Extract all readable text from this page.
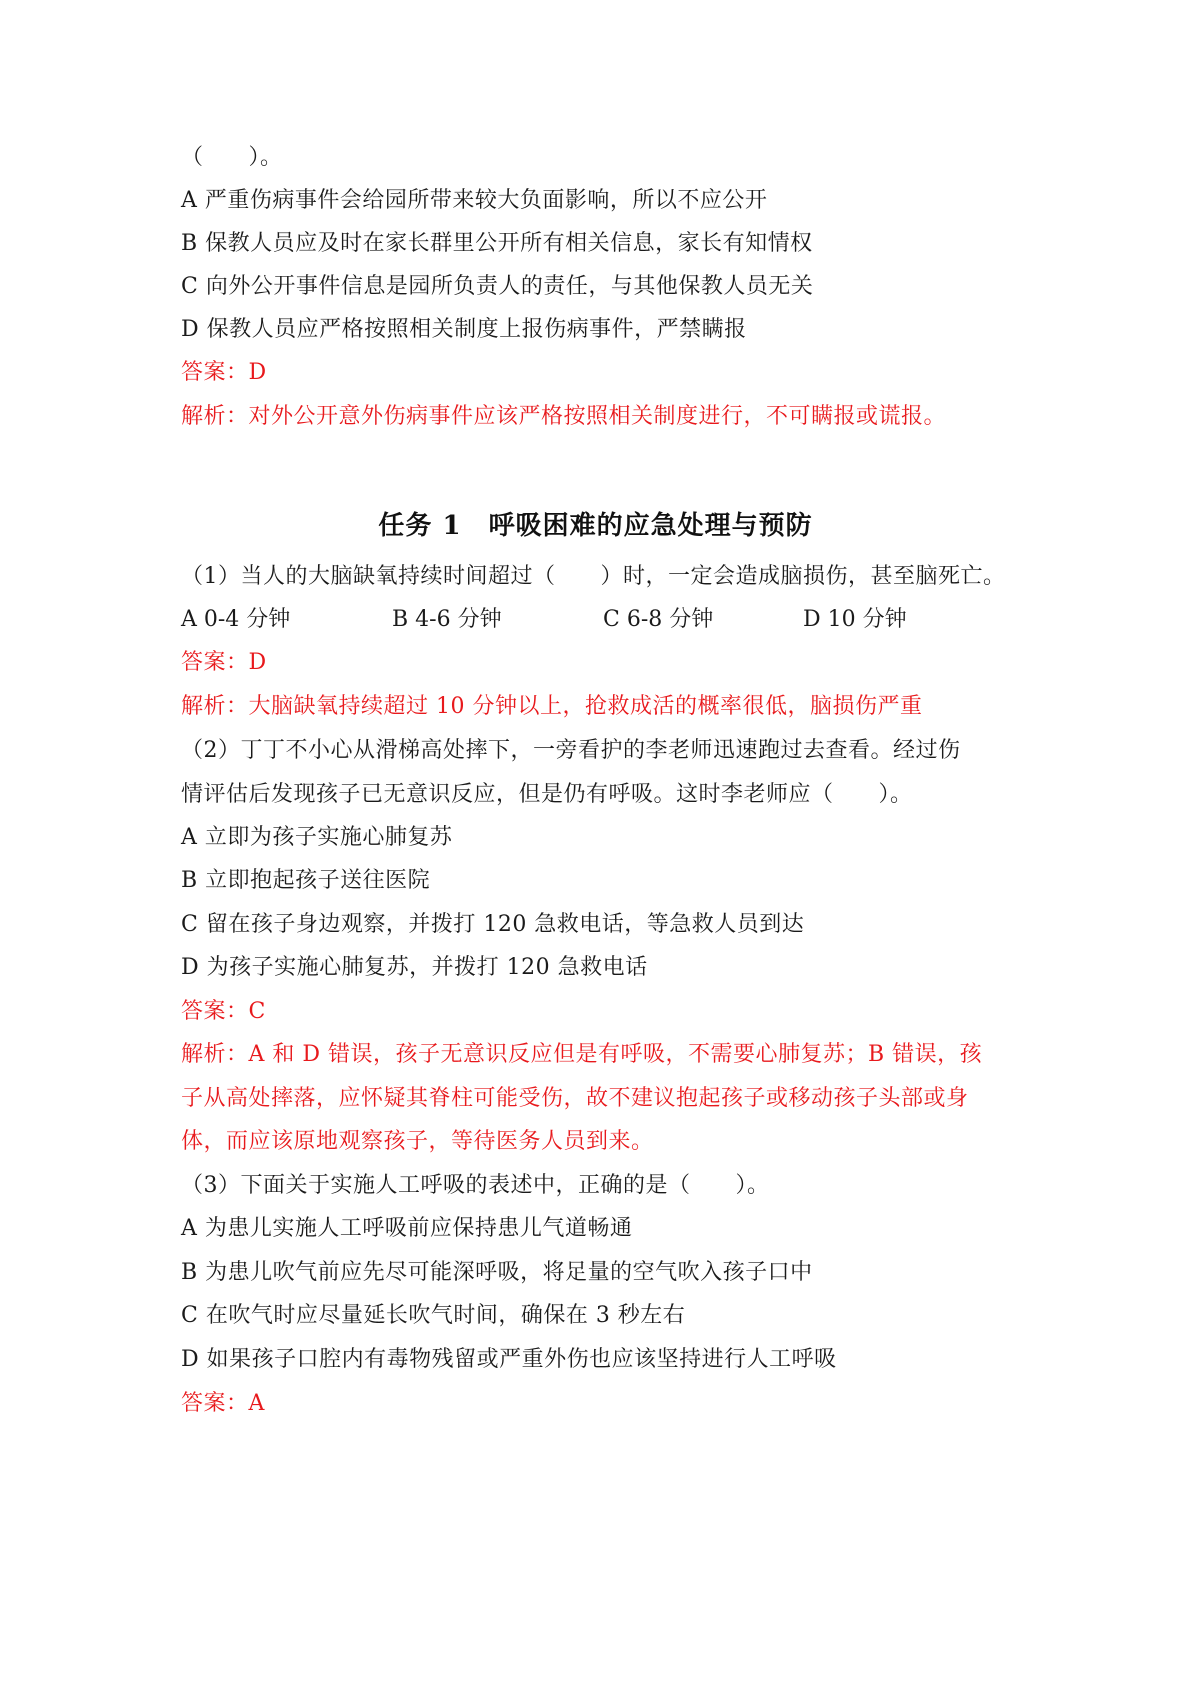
（　　）。
A 严重伤病事件会给园所带来较大负面影响，所以不应公开
B 保教人员应及时在家长群里公开所有相关信息，家长有知情权
C 向外公开事件信息是园所负责人的责任，与其他保教人员无关
D 保教人员应严格按照相关制度上报伤病事件，严禁瞒报
答案：D
解析：对外公开意外伤病事件应该严格按照相关制度进行，不可瞒报或谎报。
任务 1　呼吸困难的应急处理与预防
（1）当人的大脑缺氧持续时间超过（　　）时，一定会造成脑损伤，甚至脑死亡。

A 0-4 分钟

	B 4-6 分钟

	C 6-8 分钟

	D 10 分钟

答案：D
解析：大脑缺氧持续超过 10 分钟以上，抢救成活的概率很低，脑损伤严重
（2）丁丁不小心从滑梯高处摔下，一旁看护的李老师迅速跑过去查看。经过伤
情评估后发现孩子已无意识反应，但是仍有呼吸。这时李老师应（　　）。
A 立即为孩子实施心肺复苏
B 立即抱起孩子送往医院
C 留在孩子身边观察，并拨打 120 急救电话，等急救人员到达
D 为孩子实施心肺复苏，并拨打 120 急救电话
答案：C
解析：A 和 D 错误，孩子无意识反应但是有呼吸，不需要心肺复苏；B 错误，孩
子从高处摔落，应怀疑其脊柱可能受伤，故不建议抱起孩子或移动孩子头部或身
体，而应该原地观察孩子，等待医务人员到来。
（3）下面关于实施人工呼吸的表述中，正确的是（　　）。
A 为患儿实施人工呼吸前应保持患儿气道畅通
B 为患儿吹气前应先尽可能深呼吸，将足量的空气吹入孩子口中
C 在吹气时应尽量延长吹气时间，确保在 3 秒左右
D 如果孩子口腔内有毒物残留或严重外伤也应该坚持进行人工呼吸
答案：A
